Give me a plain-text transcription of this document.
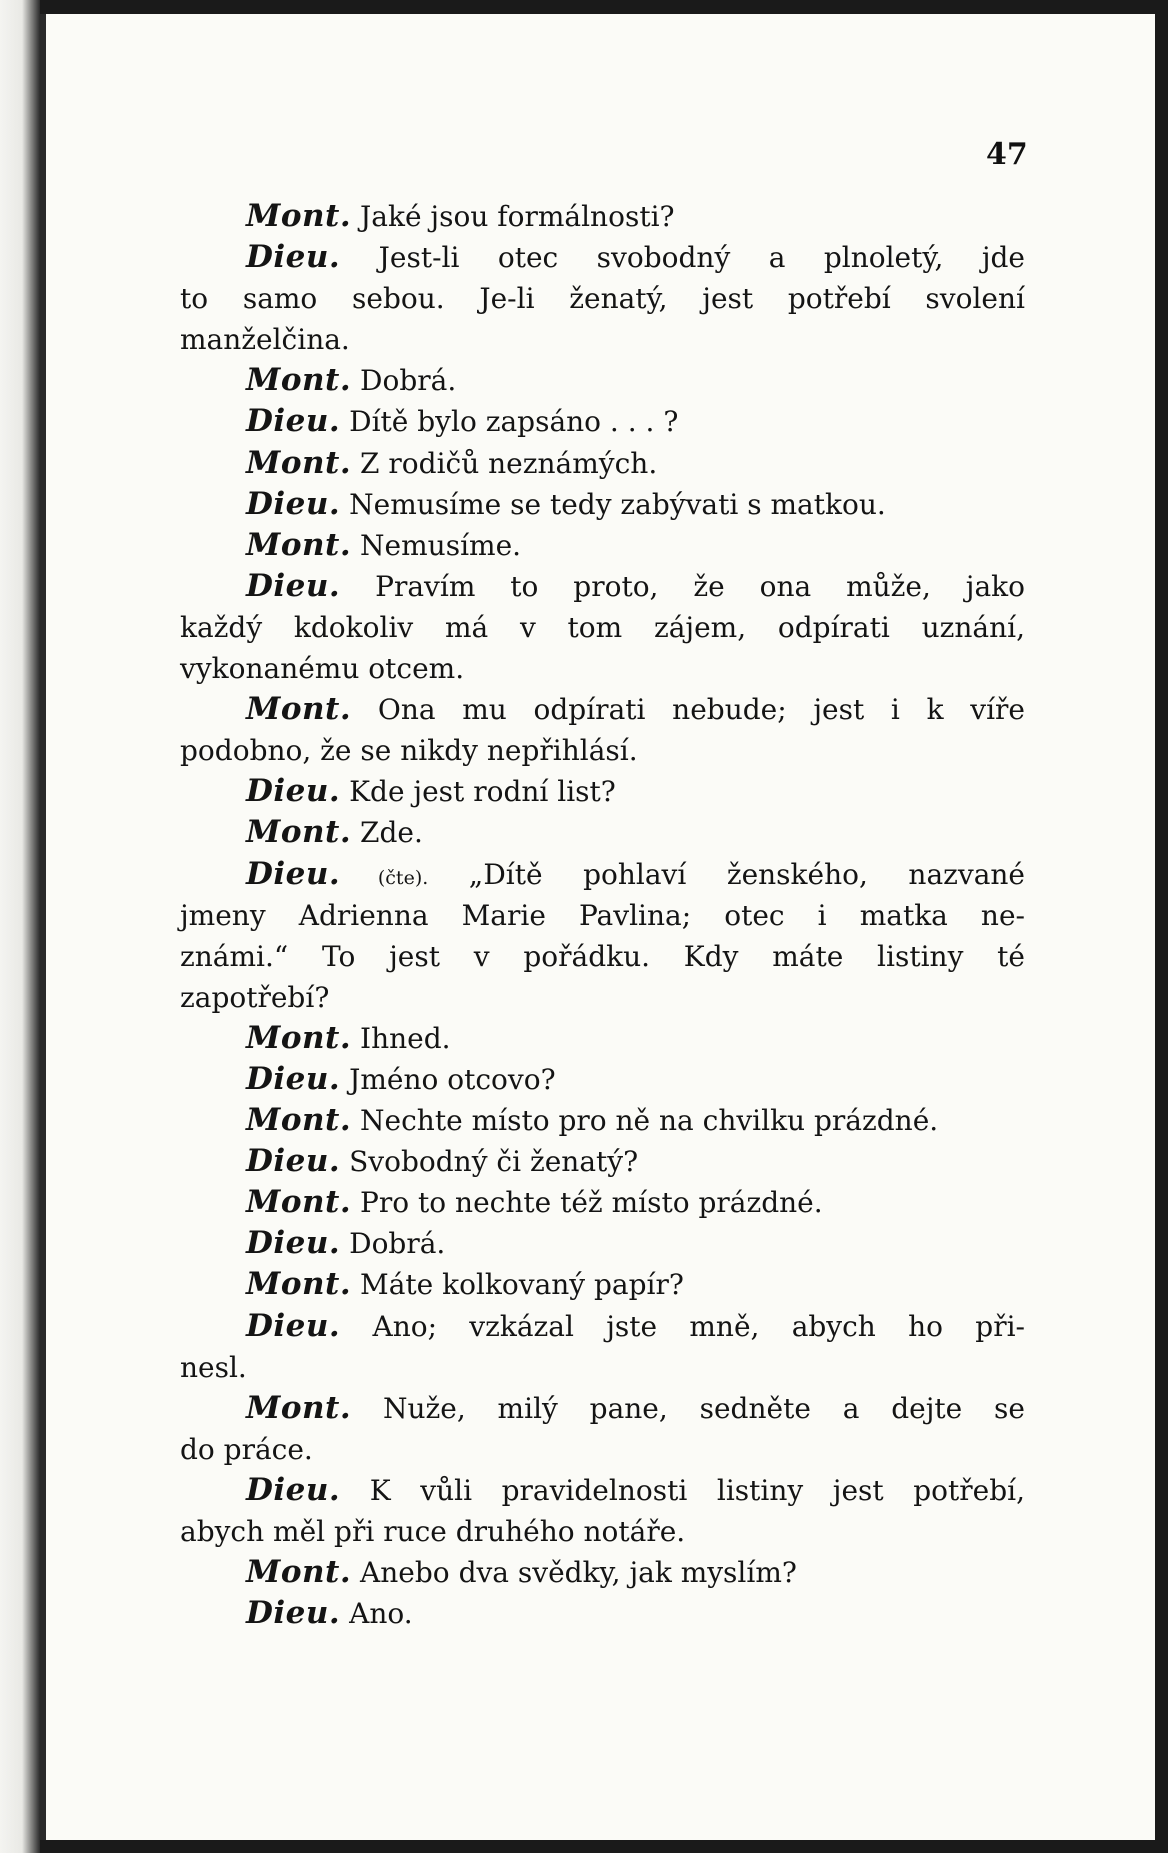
47
Mont. Jaké jsou formálnosti?
Dieu. Jest-li otec svobodný a plnoletý, jde
to samo sebou. Je-li ženatý, jest potřebí svolení
manželčina.
Mont. Dobrá.
Dieu. Dítě bylo zapsáno . . . ?
Mont. Z rodičů neznámých.
Dieu. Nemusíme se tedy zabývati s matkou.
Mont. Nemusíme.
Dieu. Pravím to proto, že ona může, jako
každý kdokoliv má v tom zájem, odpírati uznání,
vykonanému otcem.
Mont. Ona mu odpírati nebude; jest i k víře
podobno, že se nikdy nepřihlásí.
Dieu. Kde jest rodní list?
Mont. Zde.
Dieu. (čte). „Dítě pohlaví ženského, nazvané
jmeny Adrienna Marie Pavlina; otec i matka ne-
známi.“ To jest v pořádku. Kdy máte listiny té
zapotřebí?
Mont. Ihned.
Dieu. Jméno otcovo?
Mont. Nechte místo pro ně na chvilku prázdné.
Dieu. Svobodný či ženatý?
Mont. Pro to nechte též místo prázdné.
Dieu. Dobrá.
Mont. Máte kolkovaný papír?
Dieu. Ano; vzkázal jste mně, abych ho při-
nesl.
Mont. Nuže, milý pane, sedněte a dejte se
do práce.
Dieu. K vůli pravidelnosti listiny jest potřebí,
abych měl při ruce druhého notáře.
Mont. Anebo dva svědky, jak myslím?
Dieu. Ano.
